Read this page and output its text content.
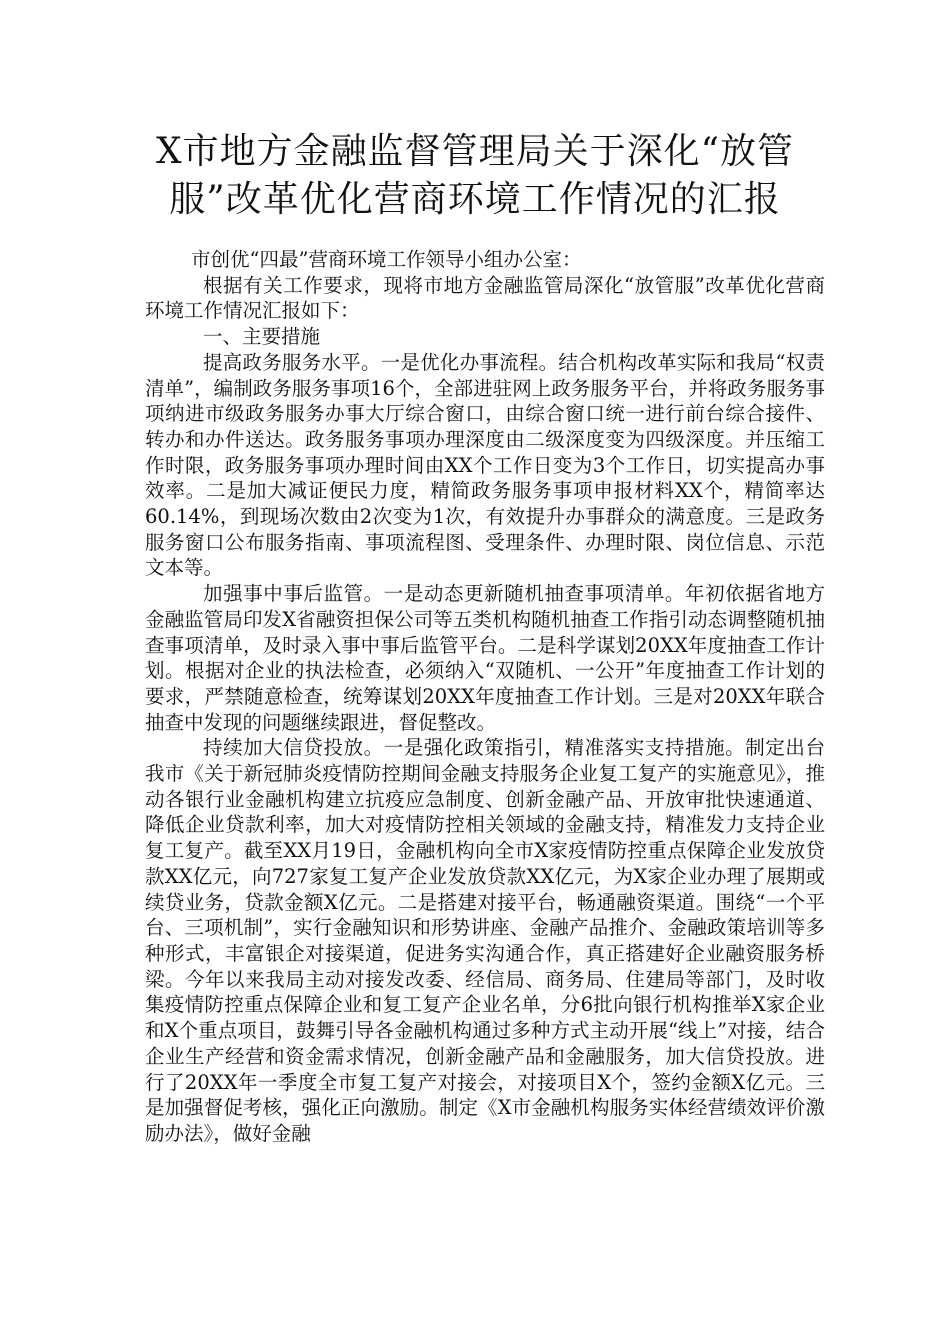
X市地方金融监督管理局关于深化“放管服”改革优化营商环境工作情况的汇报

市创优“四最”营商环境工作领导小组办公室：

根据有关工作要求，现将市地方金融监管局深化“放管服”改革优化营商环境工作情况汇报如下：

一、主要措施

提高政务服务水平。一是优化办事流程。结合机构改革实际和我局“权责清单”，编制政务服务事项16个，全部进驻网上政务服务平台，并将政务服务事项纳进市级政务服务办事大厅综合窗口，由综合窗口统一进行前台综合接件、转办和办件送达。政务服务事项办理深度由二级深度变为四级深度。并压缩工作时限，政务服务事项办理时间由XX个工作日变为3个工作日，切实提高办事效率。二是加大减证便民力度，精简政务服务事项申报材料XX个，精简率达60.14%，到现场次数由2次变为1次，有效提升办事群众的满意度。三是政务服务窗口公布服务指南、事项流程图、受理条件、办理时限、岗位信息、示范文本等。

加强事中事后监管。一是动态更新随机抽查事项清单。年初依据省地方金融监管局印发X省融资担保公司等五类机构随机抽查工作指引动态调整随机抽查事项清单，及时录入事中事后监管平台。二是科学谋划20XX年度抽查工作计划。根据对企业的执法检查，必须纳入“双随机、一公开”年度抽查工作计划的要求，严禁随意检查，统筹谋划20XX年度抽查工作计划。三是对20XX年联合抽查中发现的问题继续跟进，督促整改。

持续加大信贷投放。一是强化政策指引，精准落实支持措施。制定出台我市《关于新冠肺炎疫情防控期间金融支持服务企业复工复产的实施意见》，推动各银行业金融机构建立抗疫应急制度、创新金融产品、开放审批快速通道、降低企业贷款利率，加大对疫情防控相关领域的金融支持，精准发力支持企业复工复产。截至XX月19日，金融机构向全市X家疫情防控重点保障企业发放贷款XX亿元，向727家复工复产企业发放贷款XX亿元，为X家企业办理了展期或续贷业务，贷款金额X亿元。二是搭建对接平台，畅通融资渠道。围绕“一个平台、三项机制”，实行金融知识和形势讲座、金融产品推介、金融政策培训等多种形式，丰富银企对接渠道，促进务实沟通合作，真正搭建好企业融资服务桥梁。今年以来我局主动对接发改委、经信局、商务局、住建局等部门，及时收集疫情防控重点保障企业和复工复产企业名单，分6批向银行机构推举X家企业和X个重点项目，鼓舞引导各金融机构通过多种方式主动开展“线上”对接，结合企业生产经营和资金需求情况，创新金融产品和金融服务，加大信贷投放。进行了20XX年一季度全市复工复产对接会，对接项目X个，签约金额X亿元。三是加强督促考核，强化正向激励。制定《X市金融机构服务实体经营绩效评价激励办法》，做好金融
